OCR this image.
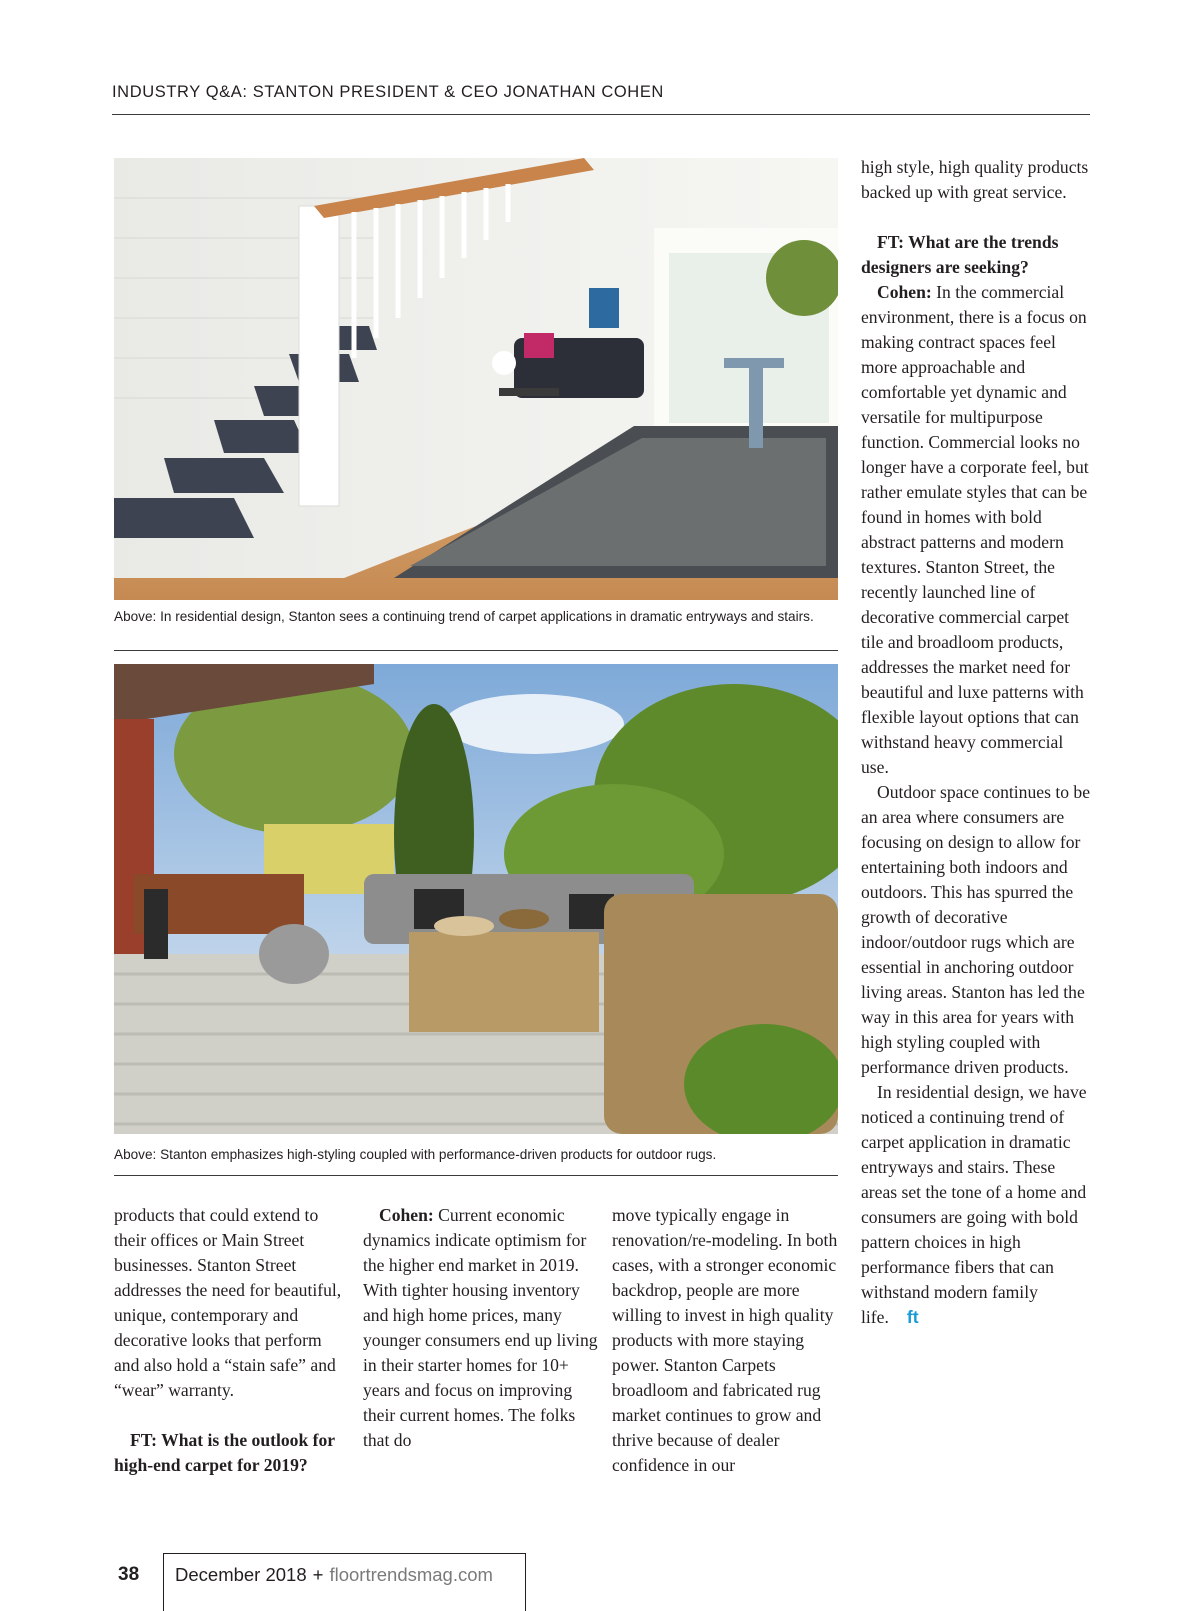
INDUSTRY Q&A: STANTON PRESIDENT & CEO JONATHAN COHEN
Above: In residential design, Stanton sees a continuing trend of carpet applications in dramatic entryways and stairs.
Above: Stanton emphasizes high-styling coupled with performance-driven products for outdoor rugs.

products that could extend to their offices or Main Street businesses. Stanton Street addresses the need for beautiful, unique, contemporary and decorative looks that perform and also hold a “stain safe” and “wear” warranty.

FT: What is the outlook for high-end carpet for 2019?

Cohen: Current economic dynamics indicate optimism for the higher end market in 2019. With tighter housing inventory and high home prices, many younger consumers end up living in their starter homes for 10+ years and focus on improving their current homes. The folks that do

move typically engage in renovation/re-modeling. In both cases, with a stronger economic backdrop, people are more willing to invest in high quality products with more staying power. Stanton Carpets broadloom and fabricated rug market continues to grow and thrive because of dealer confidence in our

high style, high quality products backed up with great service.

FT: What are the trends designers are seeking?

Cohen: In the commercial environment, there is a focus on making contract spaces feel more approachable and comfortable yet dynamic and versatile for multipurpose function. Commercial looks no longer have a corporate feel, but rather emulate styles that can be found in homes with bold abstract patterns and modern textures. Stanton Street, the recently launched line of decorative commercial carpet tile and broadloom products, addresses the market need for beautiful and luxe patterns with flexible layout options that can withstand heavy commercial use.

Outdoor space continues to be an area where consumers are focusing on design to allow for entertaining both indoors and outdoors. This has spurred the growth of decorative indoor/outdoor rugs which are essential in anchoring outdoor living areas. Stanton has led the way in this area for years with high styling coupled with performance driven products.

In residential design, we have noticed a continuing trend of carpet application in dramatic entryways and stairs. These areas set the tone of a home and consumers are going with bold pattern choices in high performance fibers that can withstand modern family life. ft

38 December 2018 + floortrendsmag.com
